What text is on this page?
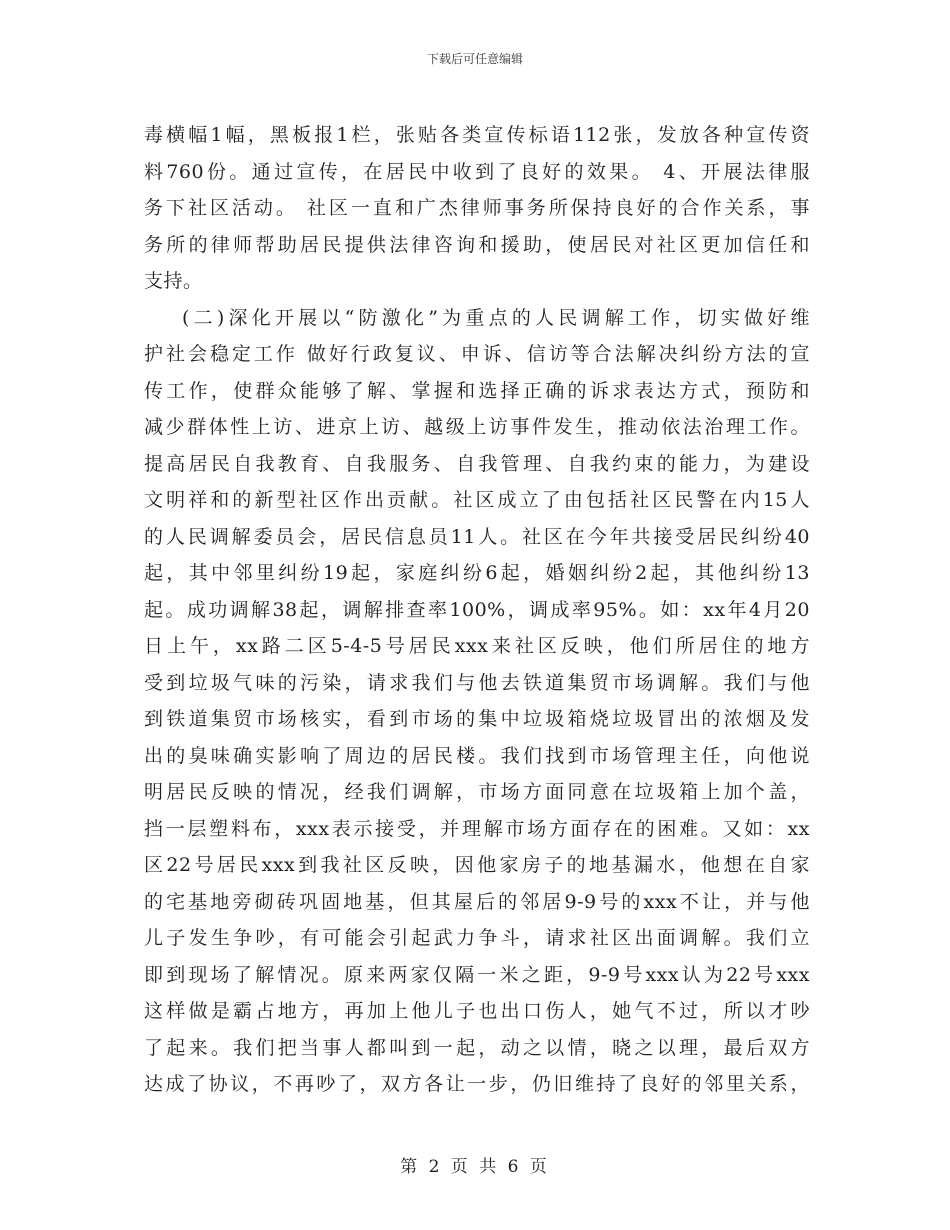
下载后可任意编辑
毒横幅1幅，黑板报1栏，张贴各类宣传标语112张，发放各种宣传资
料760份。通过宣传，在居民中收到了良好的效果。 4、开展法律服
务下社区活动。 社区一直和广杰律师事务所保持良好的合作关系，事
务所的律师帮助居民提供法律咨询和援助，使居民对社区更加信任和
支持。
(二)深化开展以“防激化”为重点的人民调解工作，切实做好维
护社会稳定工作 做好行政复议、申诉、信访等合法解决纠纷方法的宣
传工作，使群众能够了解、掌握和选择正确的诉求表达方式，预防和
减少群体性上访、进京上访、越级上访事件发生，推动依法治理工作。
提高居民自我教育、自我服务、自我管理、自我约束的能力，为建设
文明祥和的新型社区作出贡献。社区成立了由包括社区民警在内15人
的人民调解委员会，居民信息员11人。社区在今年共接受居民纠纷40
起，其中邻里纠纷19起，家庭纠纷6起，婚姻纠纷2起，其他纠纷13
起。成功调解38起，调解排查率100%，调成率95%。如：xx年4月20
日上午，xx路二区5-4-5号居民xxx来社区反映，他们所居住的地方
受到垃圾气味的污染，请求我们与他去铁道集贸市场调解。我们与他
到铁道集贸市场核实，看到市场的集中垃圾箱烧垃圾冒出的浓烟及发
出的臭味确实影响了周边的居民楼。我们找到市场管理主任，向他说
明居民反映的情况，经我们调解，市场方面同意在垃圾箱上加个盖，
挡一层塑料布，xxx表示接受，并理解市场方面存在的困难。又如：xx
区22号居民xxx到我社区反映，因他家房子的地基漏水，他想在自家
的宅基地旁砌砖巩固地基，但其屋后的邻居9-9号的xxx不让，并与他
儿子发生争吵，有可能会引起武力争斗，请求社区出面调解。我们立
即到现场了解情况。原来两家仅隔一米之距，9-9号xxx认为22号xxx
这样做是霸占地方，再加上他儿子也出口伤人，她气不过，所以才吵
了起来。我们把当事人都叫到一起，动之以情，晓之以理，最后双方
达成了协议，不再吵了，双方各让一步，仍旧维持了良好的邻里关系，
第 2 页 共 6 页
